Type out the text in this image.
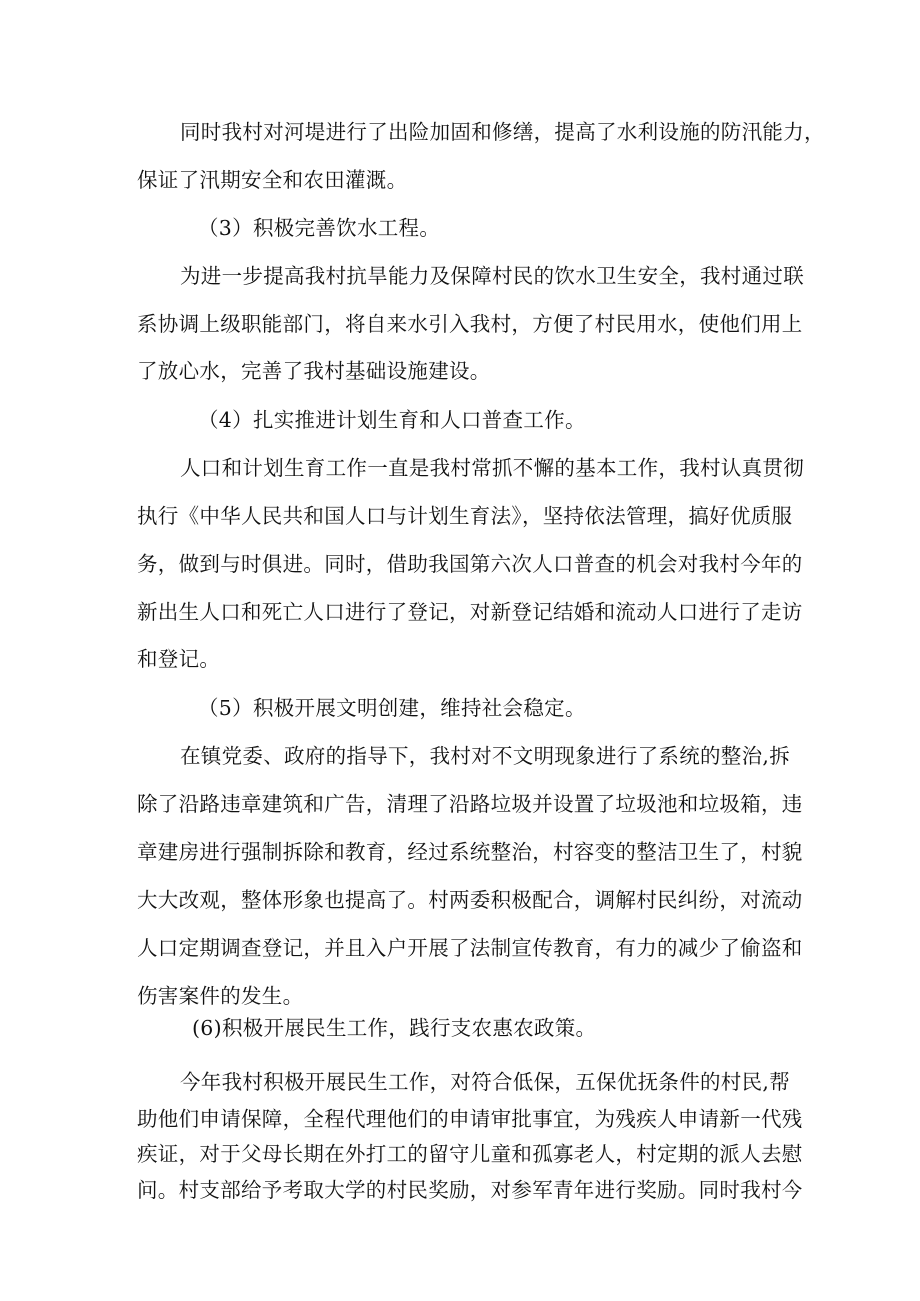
同时我村对河堤进行了出险加固和修缮，提高了水利设施的防汛能力，
保证了汛期安全和农田灌溉。
（3）积极完善饮水工程。
为进一步提高我村抗旱能力及保障村民的饮水卫生安全，我村通过联
系协调上级职能部门，将自来水引入我村，方便了村民用水，使他们用上
了放心水，完善了我村基础设施建设。
（4）扎实推进计划生育和人口普查工作。
人口和计划生育工作一直是我村常抓不懈的基本工作，我村认真贯彻
执行《中华人民共和国人口与计划生育法》，坚持依法管理，搞好优质服
务，做到与时俱进。同时，借助我国第六次人口普查的机会对我村今年的
新出生人口和死亡人口进行了登记，对新登记结婚和流动人口进行了走访
和登记。
（5）积极开展文明创建，维持社会稳定。
在镇党委、政府的指导下，我村对不文明现象进行了系统的整治,拆
除了沿路违章建筑和广告，清理了沿路垃圾并设置了垃圾池和垃圾箱，违
章建房进行强制拆除和教育，经过系统整治，村容变的整洁卫生了，村貌
大大改观，整体形象也提高了。村两委积极配合，调解村民纠纷，对流动
人口定期调查登记，并且入户开展了法制宣传教育，有力的减少了偷盗和
伤害案件的发生。
(6)积极开展民生工作，践行支农惠农政策。
今年我村积极开展民生工作，对符合低保，五保优抚条件的村民,帮
助他们申请保障，全程代理他们的申请审批事宜，为残疾人申请新一代残
疾证，对于父母长期在外打工的留守儿童和孤寡老人，村定期的派人去慰
问。村支部给予考取大学的村民奖励，对参军青年进行奖励。同时我村今
